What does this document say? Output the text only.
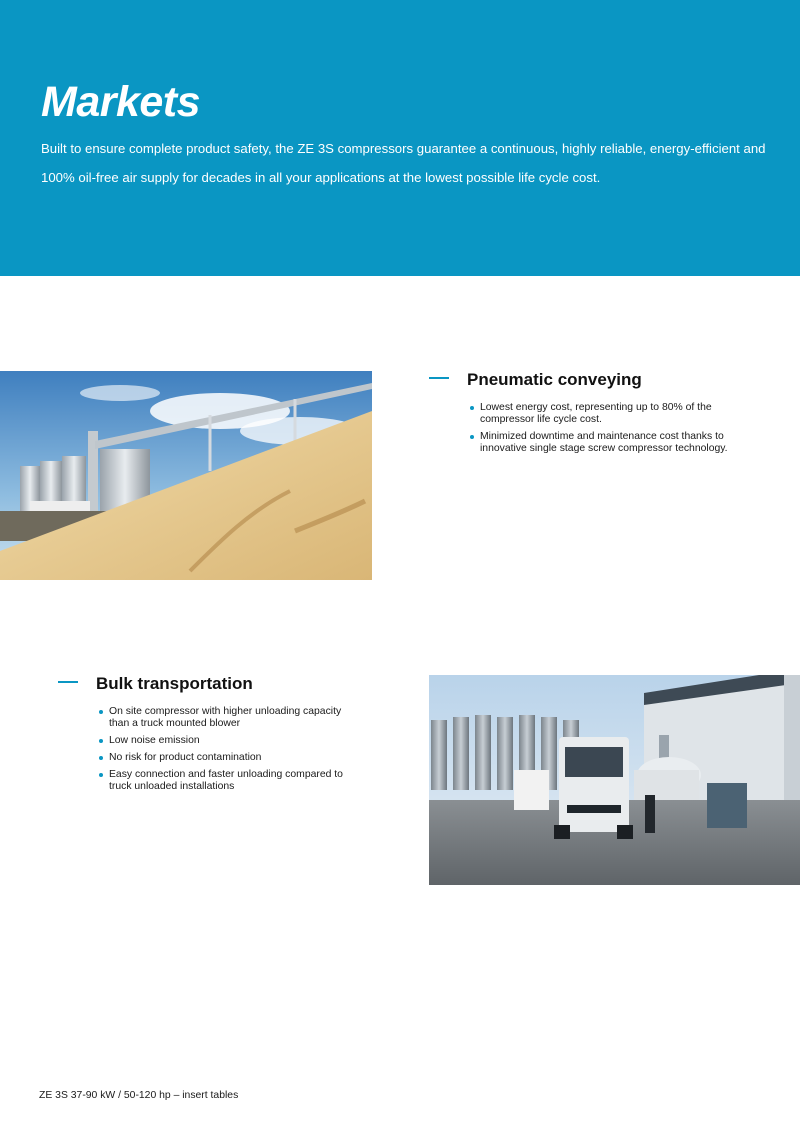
Markets

Built to ensure complete product safety, the ZE 3S compressors guarantee a continuous, highly reliable, energy-efficient and 100% oil-free air supply for decades in all your applications at the lowest possible life cycle cost.

Pneumatic conveying
Lowest energy cost, representing up to 80% of the compressor life cycle cost.
Minimized downtime and maintenance cost thanks to innovative single stage screw compressor technology.
Bulk transportation
On site compressor with higher unloading capacity than a truck mounted blower
Low noise emission
No risk for product contamination
Easy connection and faster unloading compared to truck unloaded installations
ZE 3S 37-90 kW / 50-120 hp – insert tables
